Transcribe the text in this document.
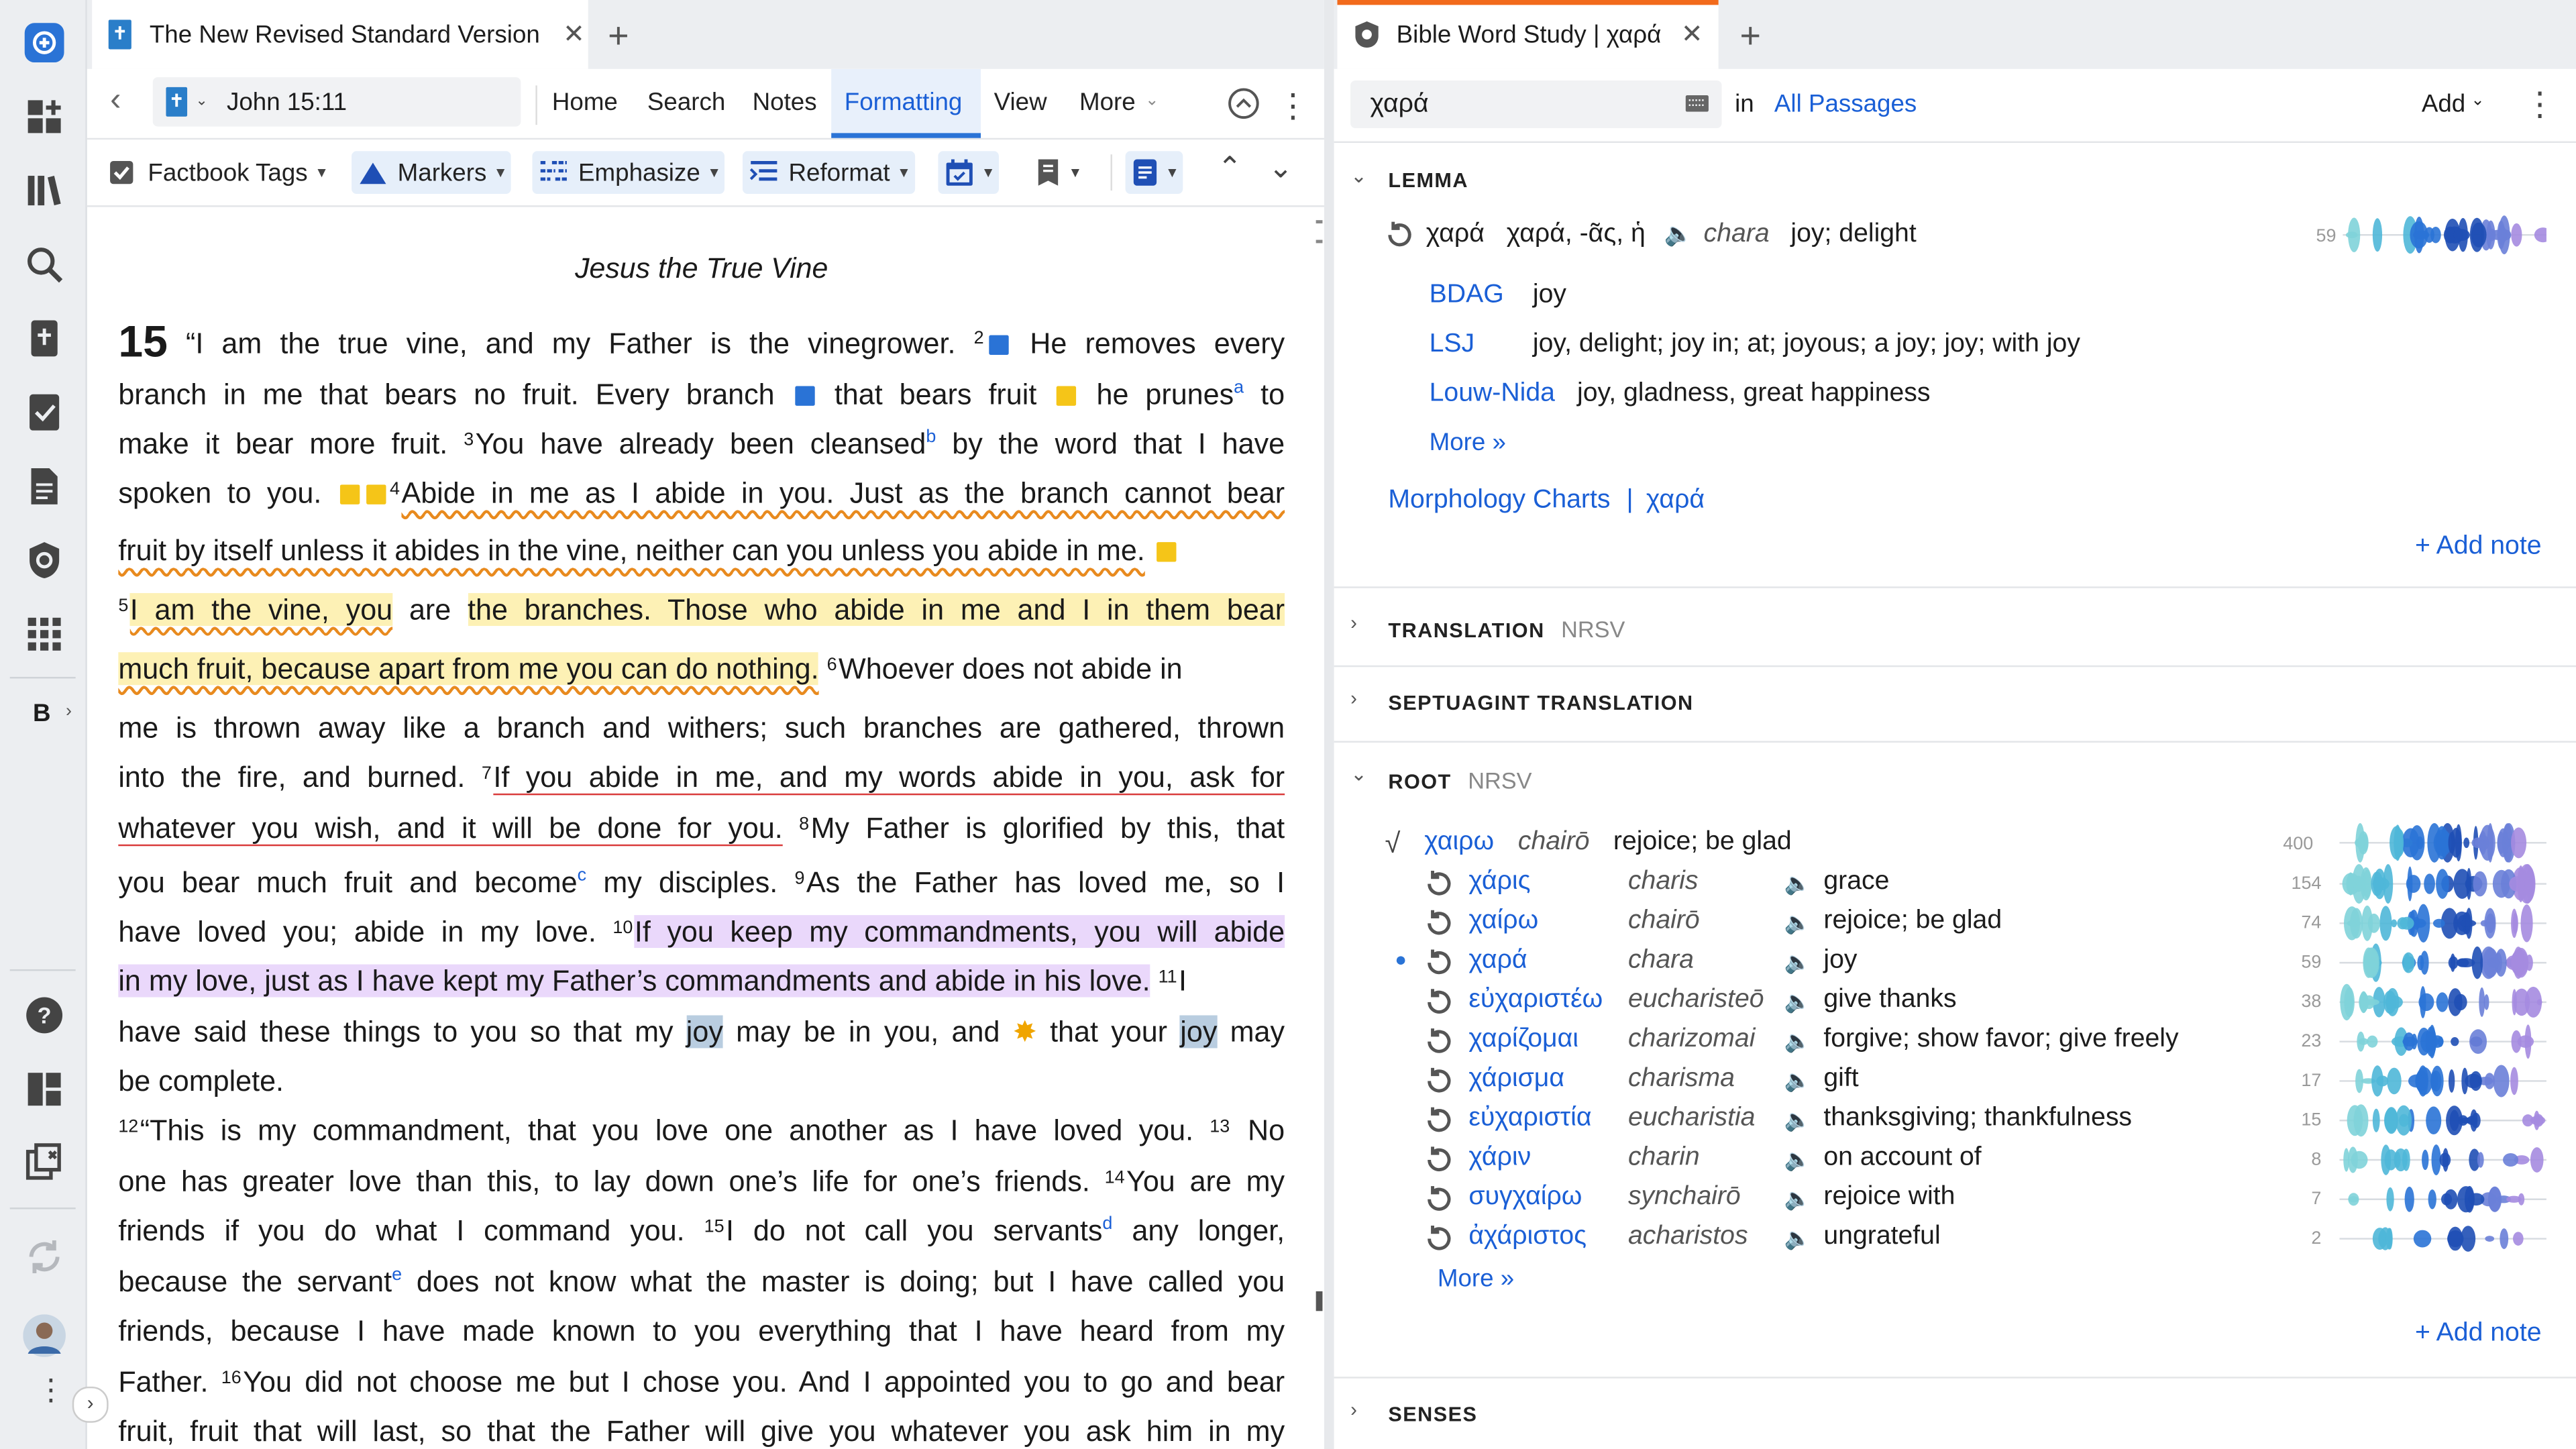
B ›
?
⋮	›
The New Revised Standard Version ✕ +
‹	⌄ John 15:11	Home	Search	Notes	Formatting	View	More ⌄	⋮
Factbook Tags ▾	Markers ▾	Emphasize ▾	Reformat ▾	▾	▾	▾	⌃ ⌄
Jesus the True Vine
15 “I am the true vine, and my Father is the vinegrower. $^2$ He removes every
branch in me that bears no fruit. Every branch  that bears fruit  he prunes$^a$ to
make it bear more fruit. $^3$ You have already been cleansed$^b$ by the word that I have
spoken to you.	$^4$ Abide in me as I abide in you. Just as the branch cannot bear
fruit by itself unless it abides in the vine, neither can you unless you abide in me.
$^5$ I am the vine, you are the branches. Those who abide in me and I in them bear
much fruit, because apart from me you can do nothing. $^6$ Whoever does not abide in
me is thrown away like a branch and withers; such branches are gathered, thrown
into the fire, and burned. $^7$ If you abide in me, and my words abide in you, ask for
whatever you wish, and it will be done for you. $^8$ My Father is glorified by this, that
you bear much fruit and become$^c$ my disciples. $^9$ As the Father has loved me, so I
have loved you; abide in my love. $^{10}$ If you keep my commandments, you will abide
in my love, just as I have kept my Father’s commandments and abide in his love. $^{11}$ I
have said these things to you so that my joy may be in you, and ✸ that your joy may
be complete.
$^{12}$ “This is my commandment, that you love one another as I have loved you. $^{13}$ No
one has greater love than this, to lay down one’s life for one’s friends. $^{14}$ You are my
friends if you do what I command you. $^{15}$ I do not call you servants$^d$ any longer,
because the servant$^e$ does not know what the master is doing; but I have called you
friends, because I have made known to you everything that I have heard from my
Father. $^{16}$ You did not choose me but I chose you. And I appointed you to go and bear
fruit, fruit that will last, so that the Father will give you whatever you ask him in my
Bible Word Study | χαρά ✕ +
χαρά	in All Passages	Add ⌄	⋮
⌄	LEMMA
χαρά χαρά, -ᾶς, ἡ 🔈 chara joy; delight	59
BDAG	joy
LSJ	joy, delight; joy in; at; joyous; a joy; joy; with joy
Louw-Nida joy, gladness, great happiness
More »
Morphology Charts | χαρά
+ Add note
›	TRANSLATION NRSV
›	SEPTUAGINT TRANSLATION
⌄	ROOT NRSV
√ χαιρω chairō rejoice; be glad	400
More »
+ Add note
›	SENSES
χάρις	charis	🔈 grace	154
χαίρω	chairō	🔈 rejoice; be glad	74
●	χαρά	chara	🔈 joy	59
εὐχαριστέω eucharisteō 🔈 give thanks	38
χαρίζομαι	charizomai	🔈 forgive; show favor; give freely	23
χάρισμα	charisma	🔈 gift	17
εὐχαριστία	eucharistia	🔈 thanksgiving; thankfulness	15
χάριν	charin	🔈 on account of	8
συγχαίρω	synchairō	🔈 rejoice with	7
ἀχάριστος	acharistos	🔈 ungrateful	2
